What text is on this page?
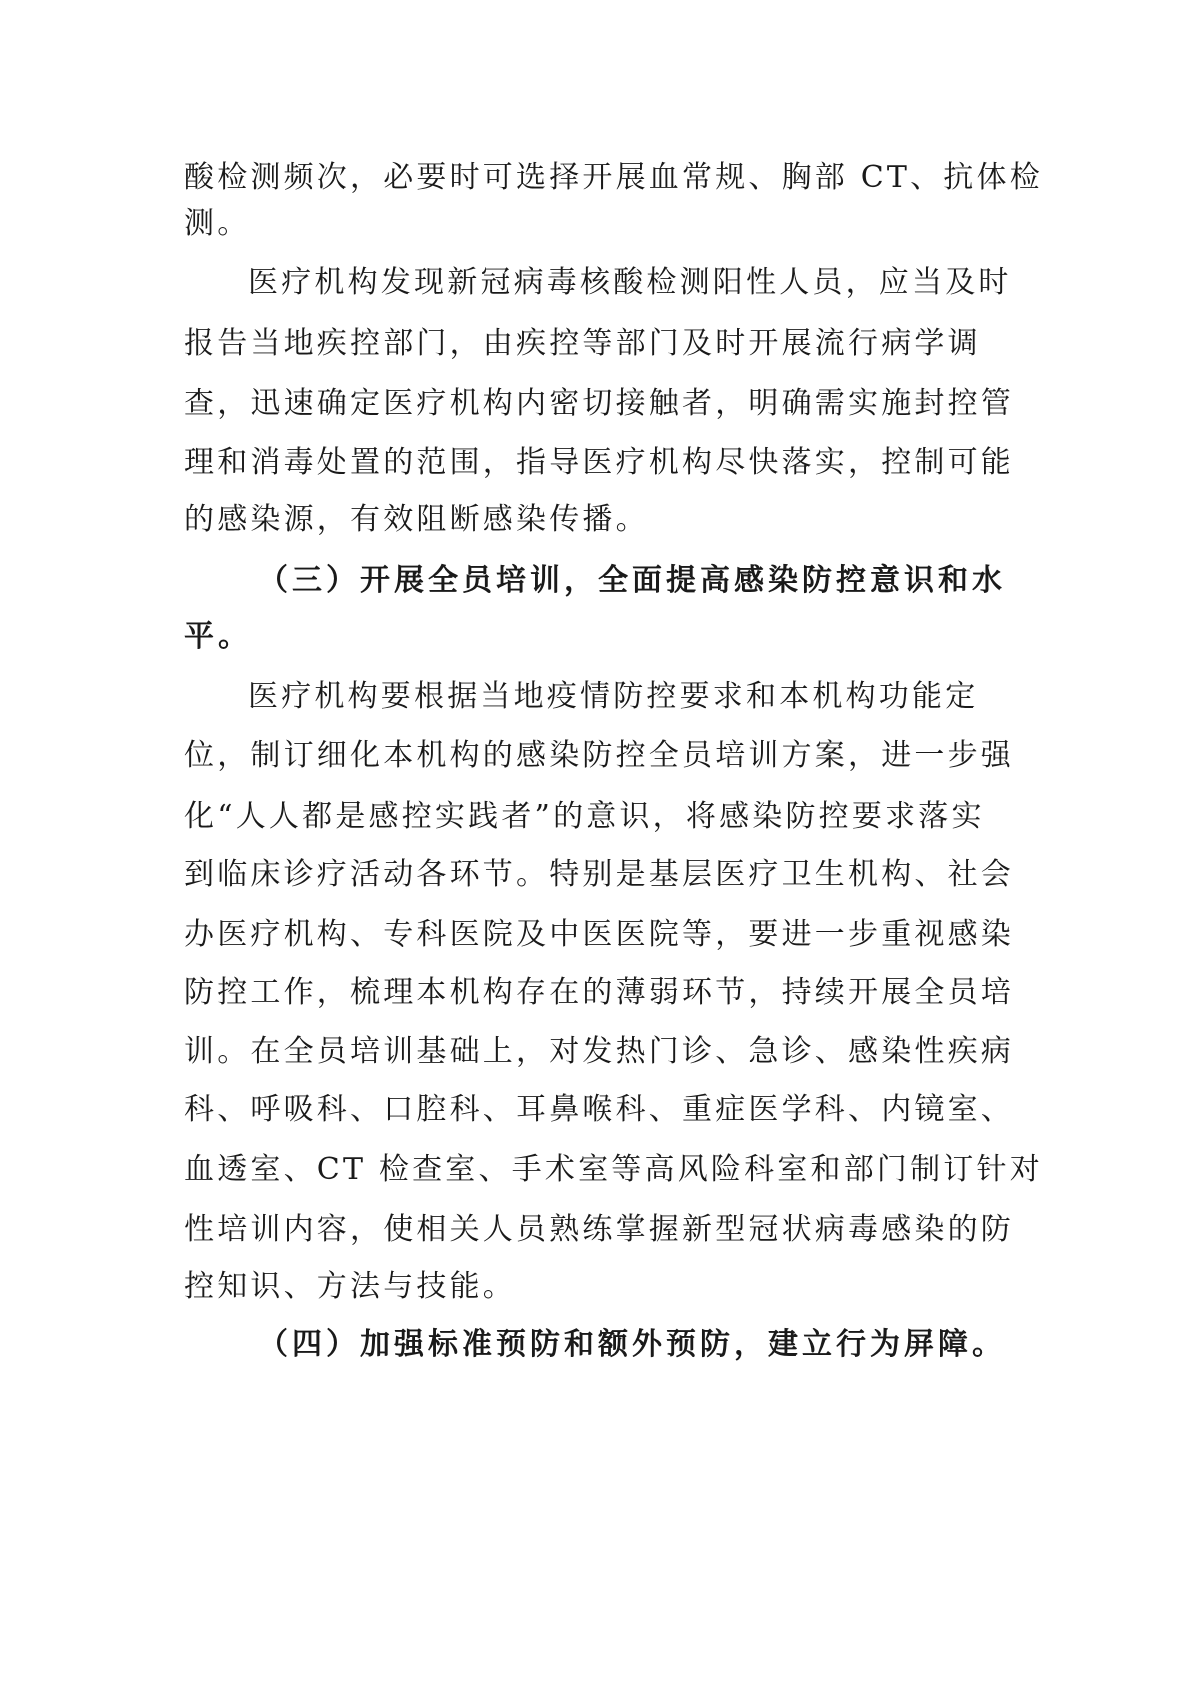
酸检测频次，必要时可选择开展血常规、胸部 CT、抗体检
测。
医疗机构发现新冠病毒核酸检测阳性人员，应当及时
报告当地疾控部门，由疾控等部门及时开展流行病学调
查，迅速确定医疗机构内密切接触者，明确需实施封控管
理和消毒处置的范围，指导医疗机构尽快落实，控制可能
的感染源，有效阻断感染传播。
（三）开展全员培训，全面提高感染防控意识和水
平。
医疗机构要根据当地疫情防控要求和本机构功能定
位，制订细化本机构的感染防控全员培训方案，进一步强
化“人人都是感控实践者”的意识，将感染防控要求落实
到临床诊疗活动各环节。特别是基层医疗卫生机构、社会
办医疗机构、专科医院及中医医院等，要进一步重视感染
防控工作，梳理本机构存在的薄弱环节，持续开展全员培
训。在全员培训基础上，对发热门诊、急诊、感染性疾病
科、呼吸科、口腔科、耳鼻喉科、重症医学科、内镜室、
血透室、CT 检查室、手术室等高风险科室和部门制订针对
性培训内容，使相关人员熟练掌握新型冠状病毒感染的防
控知识、方法与技能。
（四）加强标准预防和额外预防，建立行为屏障。
